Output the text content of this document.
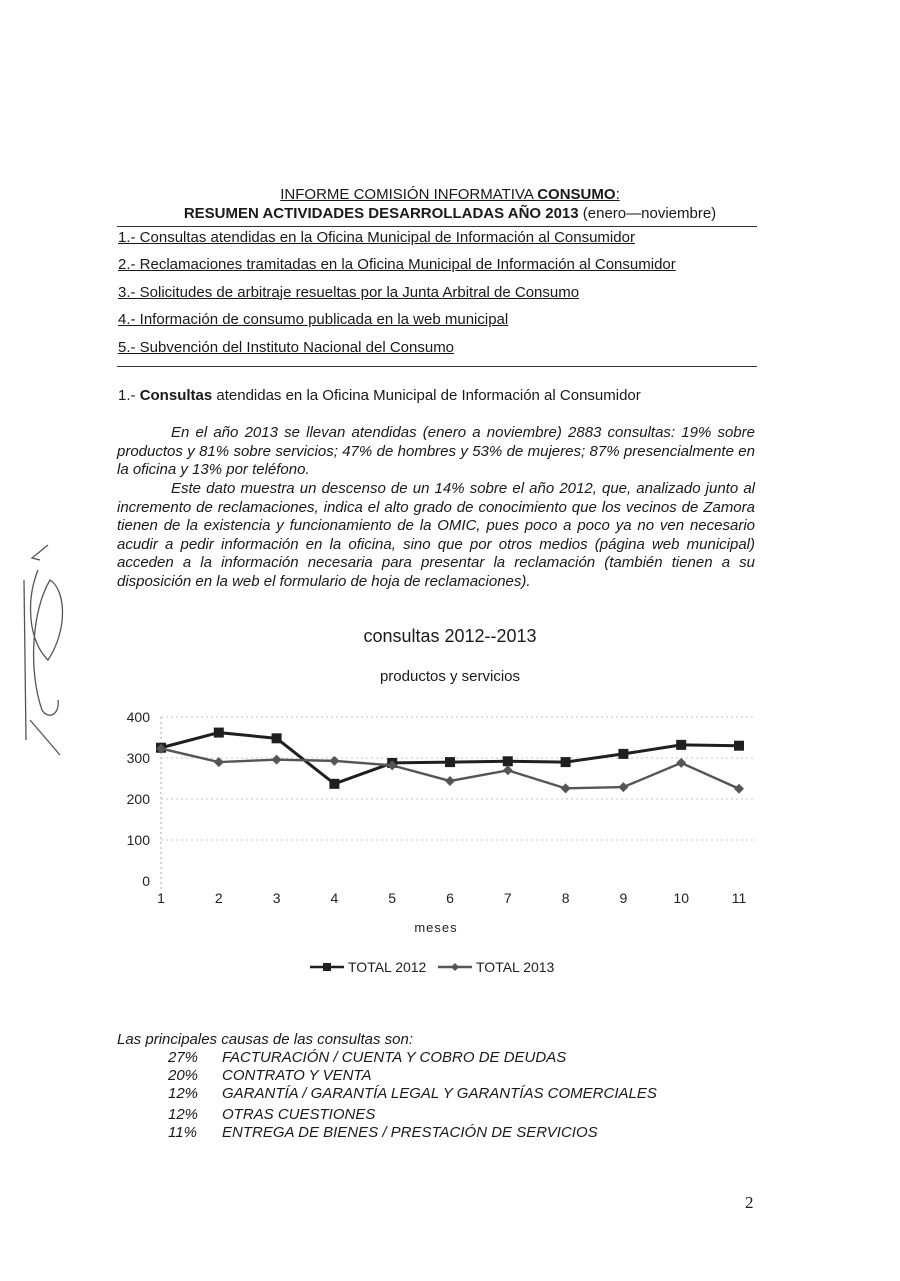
INFORME COMISIÓN INFORMATIVA CONSUMO:
RESUMEN ACTIVIDADES DESARROLLADAS AÑO 2013 (enero—noviembre)
1.- Consultas atendidas en la Oficina Municipal de Información al Consumidor
2.- Reclamaciones tramitadas en la Oficina Municipal de Información al Consumidor
3.- Solicitudes de arbitraje resueltas por la Junta Arbitral de Consumo
4.- Información de consumo publicada en la web municipal
5.- Subvención del Instituto Nacional del Consumo
1.- Consultas atendidas en la Oficina Municipal de Información al Consumidor

En el año 2013 se llevan atendidas (enero a noviembre) 2883 consultas: 19% sobre productos y 81% sobre servicios; 47% de hombres y 53% de mujeres; 87% presencialmente en la oficina y 13% por teléfono.

Este dato muestra un descenso de un 14% sobre el año 2012, que, analizado junto al incremento de reclamaciones, indica el alto grado de conocimiento que los vecinos de Zamora tienen de la existencia y funcionamiento de la OMIC, pues poco a poco ya no ven necesario acudir a pedir información en la oficina, sino que por otros medios (página web municipal) acceden a la información necesaria para presentar la reclamación (también tienen a su disposición en la web el formulario de hoja de reclamaciones).

consultas 2012--2013
productos y servicios
0
100
200
300
400
1	2	3	4	5	6	7	8	9	10	11
meses
TOTAL 2012	TOTAL 2013
Las principales causas de las consultas son:
27% FACTURACIÓN / CUENTA Y COBRO DE DEUDAS
20% CONTRATO Y VENTA
12% GARANTÍA / GARANTÍA LEGAL Y GARANTÍAS COMERCIALES
12% OTRAS CUESTIONES
11% ENTREGA DE BIENES / PRESTACIÓN DE SERVICIOS
2
